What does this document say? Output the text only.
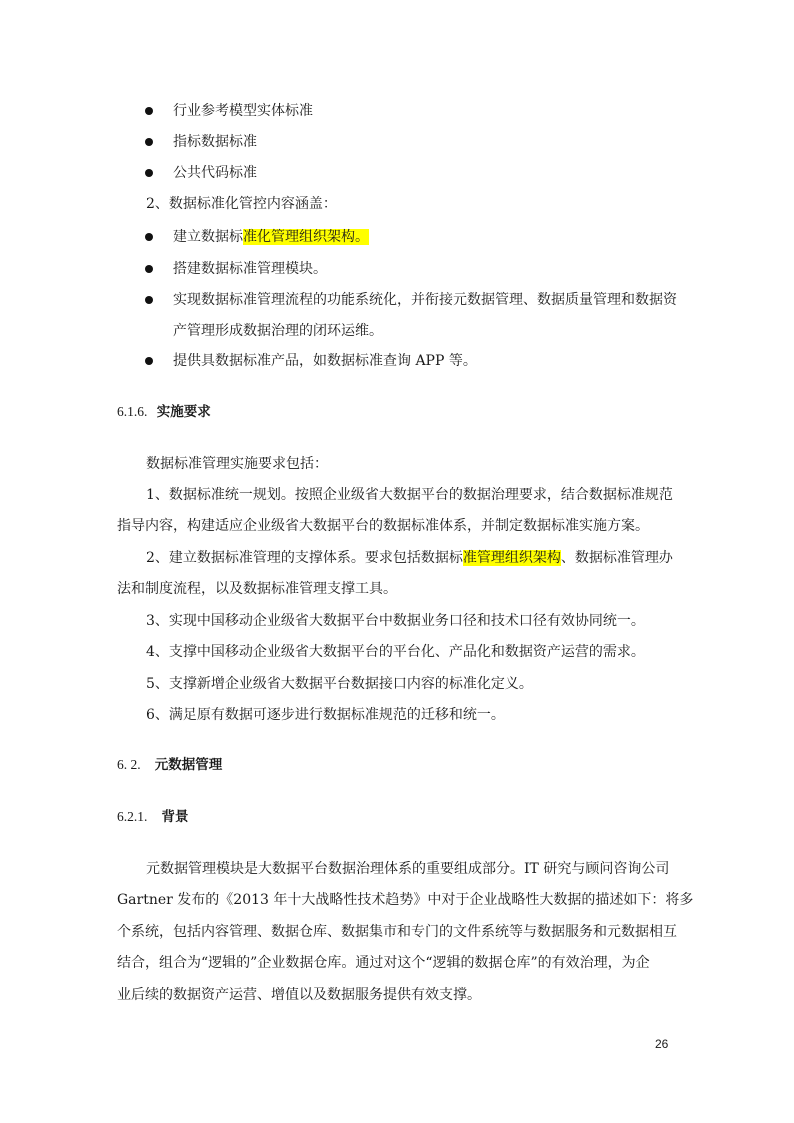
行业参考模型实体标准
指标数据标准
公共代码标准
2、数据标准化管控内容涵盖：
建立数据标准化管理组织架构。
搭建数据标准管理模块。
实现数据标准管理流程的功能系统化，并衔接元数据管理、数据质量管理和数据资
产管理形成数据治理的闭环运维。
提供具数据标准产品，如数据标准查询 APP 等。
6.1.6. 实施要求
数据标准管理实施要求包括：
1、数据标准统一规划。按照企业级省大数据平台的数据治理要求，结合数据标准规范
指导内容，构建适应企业级省大数据平台的数据标准体系，并制定数据标准实施方案。
2、建立数据标准管理的支撑体系。要求包括数据标准管理组织架构、数据标准管理办
法和制度流程，以及数据标准管理支撑工具。
3、实现中国移动企业级省大数据平台中数据业务口径和技术口径有效协同统一。
4、支撑中国移动企业级省大数据平台的平台化、产品化和数据资产运营的需求。
5、支撑新增企业级省大数据平台数据接口内容的标准化定义。
6、满足原有数据可逐步进行数据标准规范的迁移和统一。
6. 2. 元数据管理
6.2.1. 背景
元数据管理模块是大数据平台数据治理体系的重要组成部分。IT 研究与顾问咨询公司
Gartner 发布的《2013 年十大战略性技术趋势》中对于企业战略性大数据的描述如下：将多
个系统，包括内容管理、数据仓库、数据集市和专门的文件系统等与数据服务和元数据相互
结合，组合为“逻辑的”企业数据仓库。通过对这个“逻辑的数据仓库”的有效治理，为企
业后续的数据资产运营、增值以及数据服务提供有效支撑。
26
